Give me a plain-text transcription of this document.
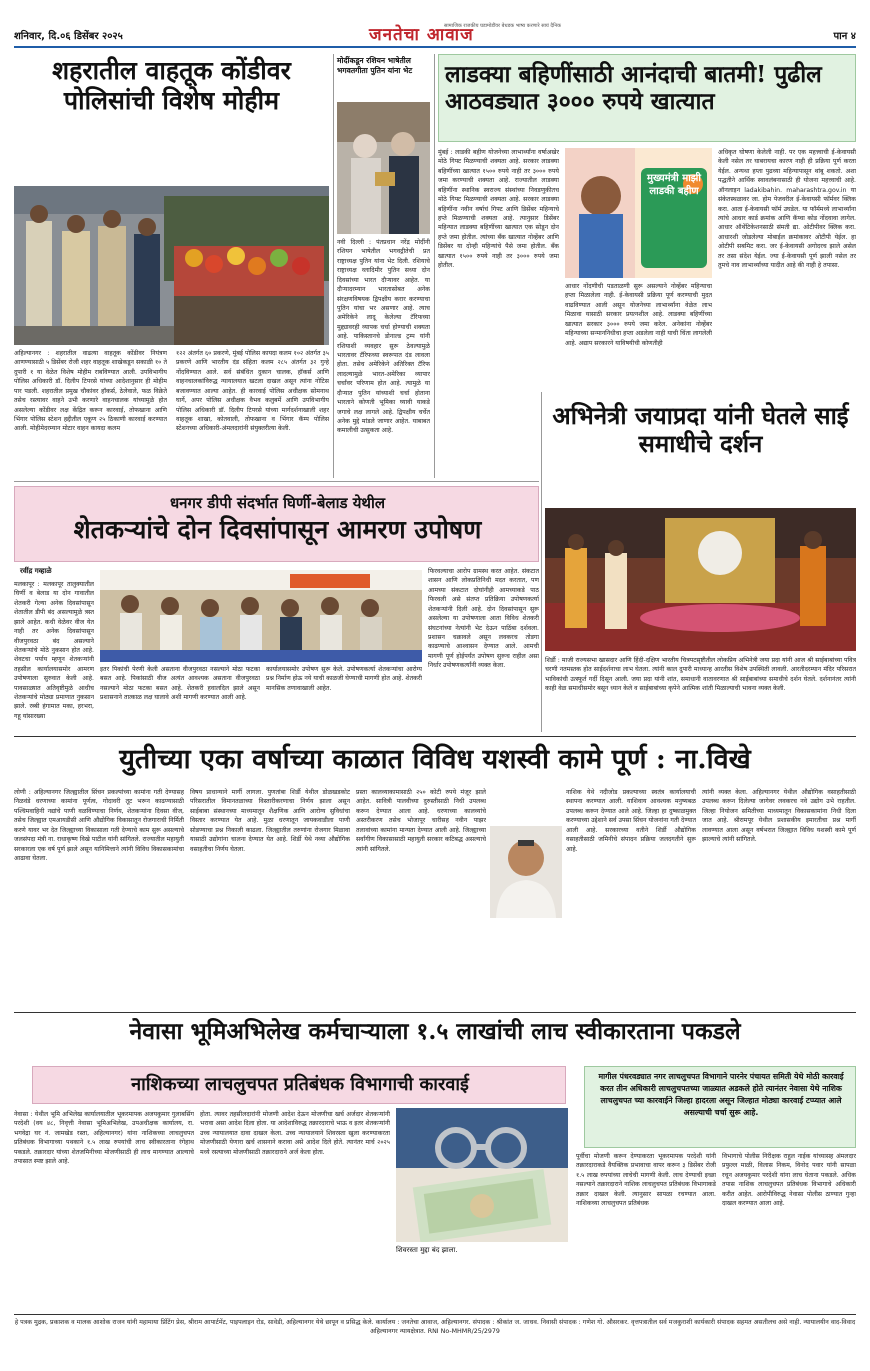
शनिवार, दि.०६ डिसेंबर २०२५	जनतेचा आवाज
सामाजिक राजकीय घडामोडींवर बेधडक भाष्य करणारे सायं दैनिक
पान ४
शहरातील वाहतूक कोंडीवर पोलिसांची विशेष मोहीम
अहिल्यानगर : शहरातील वाढत्या वाहतूक कोंडीवर नियंत्रण आणण्यासाठी ५ डिसेंबर रोजी शहर वाहतूक शाखेकडून सकाळी १० ते दुपारी १ या वेळेत विशेष मोहीम राबविण्यात आली. उपविभागीय पोलिस अधिकारी डॉ. दिलीप टिपरसे यांच्या आदेशानुसार ही मोहीम पार पडली. शहरातील प्रमुख चौकांवर हॉकर्स, ठेलेवाले, फळ विक्रेते तसेच रस्त्यावर वाहने उभी करणारे वाहनचालक यांच्यामुळे होत असलेल्या कोंडीवर लक्ष केंद्रित करून कारवाई, तोफखाना आणि भिंगार पोलिस स्टेशन हद्दीतील एकूण २५ ठिकाणी कारवाई करण्यात आली. मोहीमेदरम्यान मोटार वाहन कायदा कलम
१२२ अंतर्गत ६० प्रकरणे, मुंबई पोलिस कायदा कलम १०२ अंतर्गत ३५ प्रकरणे आणि भारतीय दंड संहिता कलम २८५ अंतर्गत ३२ गुन्हे नोंदविण्यात आले. सर्व संबंधित दुकान चालक, हॉकर्स आणि वाहनचालकांविरुद्ध न्यायालयात खटला दाखल असून त्यांना नोटिस बजावण्यात आल्या आहेत. ही कारवाई पोलिस अधीक्षक सोमनाथ घार्गे, अपर पोलिस अधीक्षक वैभव कलुबर्मे आणि उपविभागीय पोलिस अधिकारी डॉ. दिलीप टिपरसे यांच्या मार्गदर्शनाखाली शहर वाहतूक शाखा, कोतवाली, तोफखाना व भिंगार कॅम्प पोलिस स्टेशनच्या अधिकारी-अंमलदारांनी संयुक्तरीत्या केली.
मोदींकडून रशियन भाषेतील भगवतगीता पुतिन यांना भेट
नवी दिल्ली : पंतप्रधान नरेंद्र मोदींनी रशियन भाषेतील भगवद्गीतेची प्रत राष्ट्राध्यक्ष पुतिन यांना भेट दिली. रशियाचे राष्ट्राध्यक्ष व्लादिमीर पुतिन सध्या दोन दिवसांच्या भारत दौऱ्यावर आहेत. या दौऱ्यादरम्यान भारतासोबत अनेक संरक्षणविषयक द्विपक्षीय करार करण्याचा पुतिन यांचा भर असणार आहे. त्याच अमेरिकेने लादू केलेल्या टॅरिफच्या मुद्द्यावरही व्यापक चर्चा होण्याची शक्यता आहे. पाकिस्तानचे डोनाल्ड ट्रम्प यांनी रशियाशी व्यवहार सुरू ठेवल्यामुळे भारतावर टॅरिफच्या स्वरूपात दंड लावला होता. तसेच अमेरिकेने अतिरिक्त टॅरिफ लादल्यामुळे भारत-अमेरिका व्यापार चर्चांवर परिणाम होत आहे. त्यामुळे या दौऱ्यात पुतिन यांच्याशी चर्चा होताना भारताने कोणती भूमिका घ्यावी याकडे जगाचे लक्ष लागले आहे. द्विपक्षीय चर्चेत अनेक मुद्दे मांडले जाणार आहेत. याबाबत कमालीची उत्सुकता आहे.
लाडक्या बहिणींसाठी आनंदाची बातमी! पुढील आठवड्यात ३००० रुपये खात्यात
मुंबई : लाडकी बहीण योजनेच्या लाभार्थ्यांना वर्षाअखेर मोठे गिफ्ट मिळण्याची शक्यता आहे. सरकार लाडक्या बहिणींच्या खात्यात १५०० रुपये नाही तर ३००० रुपये जमा करण्याची शक्यता आहे. राज्यातील लाडक्या बहिणींना स्थानिक स्वराज्य संस्थांच्या निवडणुकीतच मोठे गिफ्ट मिळण्याची शक्यता आहे. सरकार लाडक्या बहिणींना नवीन वर्षाचं गिफ्ट आणि डिसेंबर महिन्याचे हप्ते मिळण्याची शक्यता आहे. त्यानुसार डिसेंबर महिन्यात लाडक्या बहिणींच्या खात्यात एक सोडून दोन हप्ते जमा होतील. त्यांच्या बँक खात्यात नोव्हेंबर आणि डिसेंबर या दोन्ही महिन्यांचे पैसे जमा होतील. बँक खात्यात १५०० रुपये नाही तर ३००० रुपये जमा होतील.
मुख्यमंत्री माझी लाडकी बहीण
आधार नोंदणीची पडताळणी सुरू असल्याने नोव्हेंबर महिन्याचा हप्ता मिळालेला नाही. ई-केवायसी प्रक्रिया पूर्ण करण्याची मुदत वाढविण्यात आली असून योजनेच्या लाभार्थ्यांना वेळेत लाभ मिळावा यासाठी सरकार प्रयत्नशील आहे. लाडक्या बहिणींच्या खात्यात सरकार ३००० रुपये जमा करेल. अनेकांना नोव्हेंबर महिन्याच्या सन्माननिधीचा हप्ता अडलेला नाही याची चिंता लागलेली आहे. अद्याप सरकारने याविषयीची कोणतीही
अधिकृत घोषणा केलेली नाही. पर एक महत्त्वाची ई-केवायसी केली नसेल तर घाबरायचा कारण नाही ही प्रक्रिया पूर्ण करता येईल. अन्यथा हप्ता पुढच्या महिन्यापासून थांबू शकतो. अशा पद्धतीने आर्थिक स्वावलंबनासाठी ही योजना महत्त्वाची आहे. ऑनलाइन ladakibahin. maharashtra.gov.in या संकेतस्थळावर जा. होम पेजवरील ई-केवायसी फॉर्मवर क्लिक करा. आता ई-केवायसी फॉर्म उघडेल. या फॉर्ममध्ये लाभार्थ्यांना त्यांचे आधार कार्ड क्रमांक आणि कॅप्चा कोड नोंदवावा लागेल. आधार ऑथेंटिकेशनसाठी संमती द्या. ओटीपीवर क्लिक करा. आधारशी जोडलेल्या मोबाईल क्रमांकावर ओटीपी येईल. हा ओटीपी सबमिट करा. जर ई-केवायसी अगोदरच झाले असेल तर तसा संदेश येईल. ज्या ई-केवायसी पूर्ण झाली नसेल तर तुमचे नाव लाभार्थ्यांच्या यादीत आहे की नाही हे तपासा.
अभिनेत्री जयाप्रदा यांनी घेतले साई समाधीचे दर्शन
शिर्डी : माजी राज्यसभा खासदार आणि हिंदी-दक्षिण भारतीय चित्रपटसृष्टीतील लोकप्रिय अभिनेत्री जया प्रदा यांनी आज श्री साईबाबांच्या पवित्र चरणी नतमस्तक होत साईदर्शनाचा लाभ घेतला. त्यांनी काल दुपारी माध्यान्ह आरतीस विशेष उपस्थिती लावली. आरतीदरम्यान मंदिर परिसरात भाविकांची उत्स्फूर्त गर्दी दिसून आली. जया प्रदा यांनी शांत, समाधानी वातावरणात श्री साईबाबांच्या समाधीचे दर्शन घेतले. दर्शनानंतर त्यांनी काही वेळ समाधीसमोर बसून ध्यान केले व साईबाबांच्या कृपेने आत्मिक शांती मिळाल्याची भावना व्यक्त केली.
धनगर डीपी संदर्भात घिर्णी-बेलाड येथील
शेतकऱ्यांचे दोन दिवसांपासून आमरण उपोषण
रवींद्र गव्हाळे
मलकापूर : मलकापूर तालुक्यातील घिर्णी व बेलाड या दोन गावातील शेतकरी गेल्या अनेक दिवसांपासून शेतातील डीपी बंद असल्यामुळे त्रस्त झाले आहेत. कधी वेळेवर वीज येत नाही तर अनेक दिवसांपासून वीजपुरवठा बंद असल्याने शेतकऱ्यांचे मोठे नुकसान होत आहे. शेवटचा पर्याय म्हणून शेतकऱ्यांनी तहसील कार्यालयासमोर आमरण उपोषणाला सुरुवात केली आहे. पावसाळ्यात अतिवृष्टीमुळे आधीच शेतकऱ्यांचे मोठ्या प्रमाणात नुकसान झाले. रब्बी हंगामात मका, हरभरा, गहू यांसारख्या
इतर पिकांची पेरणी केली असताना वीजपुरवठा नसल्याने मोठा फटका बसत आहे. पिकांसाठी वीज अत्यंत आवश्यक असताना वीजपुरवठा नसल्याने मोठा फटका बसत आहे. शेतकरी हवालदिल झाले असून प्रशासनाने तात्काळ लक्ष घालावे अशी मागणी करण्यात आली आहे.
कार्यालयासमोर उपोषण सुरू केले. उपोषणकर्त्या शेतकऱ्यांचा आरोग्य प्रश्न निर्माण होऊ नये याची काळजी घेण्याची मागणी होत आहे. शेतकरी मानसिक तणावाखाली आहेत.
फिरवल्याचा आरोप ग्रामस्थ करत आहेत. संकटात शासन आणि लोकप्रतिनिधी मदत करतात, पण आमच्या संकटात दोघांनीही आमच्याकडे पाठ फिरवली असे संतप्त प्रतिक्रिया उपोषणकर्त्या शेतकऱ्यांनी दिली आहे. दोन दिवसांपासून सुरू असलेल्या या उपोषणाला आता विविध शेतकरी संघटनांच्या नेत्यांनी भेट देऊन पाठिंबा दर्शवला. प्रशासन चक्रावले असून लवकरच तोडगा काढण्याचे आश्वासन देण्यात आले. आमची मागणी पूर्ण होईपर्यंत उपोषण सुरूच राहील असा निर्धार उपोषणकर्त्यांनी व्यक्त केला.
युतीच्या एका वर्षाच्या काळात विविध यशस्वी कामे पूर्ण : ना.विखे
लोणी : अहिल्यानगर जिल्ह्यातील सिंचन प्रकल्पांच्या कामांना गती देण्यासह निळवंडे धरणाच्या कामांना पूर्णत्व, गोदावरी तूट भरून काढण्यासाठी पश्चिमवाहिनी नद्यांचे पाणी वळविण्याचा निर्णय, शेतकऱ्यांना दिवसा वीज, तसेच जिल्ह्यात एमआयडीसी आणि औद्योगिक विकासातून रोजगाराची निर्मिती करणे यावर भर देत जिल्ह्याच्या विकासाला गती देण्याचे काम सुरू असल्याचे जलसंपदा मंत्री ना. राधाकृष्ण विखे पाटील यांनी सांगितले. राज्यातील महायुती सरकारला एक वर्ष पूर्ण झाले असून यानिमित्ताने त्यांनी विविध विकासकामांचा आढावा घेतला.
विषय प्राधान्याने मार्गी लागला. पुणतांबा शिर्डी येथील डोळखडकोट परिसरातील विमानतळाच्या विस्तारीकरणाचा निर्णय झाला असून साईबाबा संस्थानच्या माध्यमातून शैक्षणिक आणि आरोग्य सुविधांचा विस्तार करण्यात येत आहे. मुळा धरणातून जायकवाडीला पाणी सोडण्याचा प्रश्न निकाली काढला. जिल्ह्यातील तरुणांना रोजगार मिळावा यासाठी उद्योगांना चालना देण्यात येत आहे. शिर्डी येथे नव्या औद्योगिक वसाहतीचा निर्णय घेतला.
प्रस्ता कालव्याकामासाठी २५० कोटी रुपये मंजूर झाले आहेत. सावित्री पालवीच्या दुरुस्तीसाठी निधी उपलब्ध करून देण्यात आला आहे. धरणाच्या कालव्यांचे अस्तरीकरण तसेच भोजापूर चारीसह नवीन पाझर तलावांच्या कामांना मान्यता देण्यात आली आहे. जिल्ह्याच्या सर्वांगीण विकासासाठी महायुती सरकार कटिबद्ध असल्याचे त्यांनी सांगितले.
नाशिक येथे नदीजोड प्रकल्पाच्या स्वतंत्र कार्यालयाची स्थापना करण्यात आली. याशिवाय आवश्यक मनुष्यबळ उपलब्ध करून देण्यात आले आहे. जिल्हा हा दुष्काळमुक्त करण्याच्या उद्देशाने सर्व उपसा सिंचन योजनांना गती देण्यात आली आहे. सरकारच्या वतीने शिर्डी औद्योगिक वसाहतीसाठी जमिनीचे संपादन प्रक्रिया जलदगतीने सुरू आहे.
त्यांनी व्यक्त केला. अहिल्यानगर येथील औद्योगिक वसाहतीसाठी उपलब्ध करून दिलेल्या जागेवर लवकरच नवे उद्योग उभे राहतील. जिल्हा नियोजन समितीच्या माध्यमातून विकासकामांना निधी दिला जात आहे. श्रीरामपूर येथील प्रशासकीय इमारतीचा प्रश्न मार्गी लावण्यात आला असून वर्षभरात जिल्ह्यात विविध यशस्वी कामे पूर्ण झाल्याचे त्यांनी सांगितले.
नेवासा भूमिअभिलेख कर्मचाऱ्याला १.५ लाखांची लाच स्वीकारताना पकडले
नाशिकच्या लाचलुचपत प्रतिबंधक विभागाची कारवाई	मागील पंधरवड्यात नगर लाचलुचपत विभागाने पारनेर पंचायत समिती येथे मोठी कारवाई करत तीन अधिकारी लाचलुचपतच्या जाळ्यात अडकले होते त्यानंतर नेवासा येथे नाशिक लाचलुचपत च्या कारवाईने जिल्हा हादरला असून जिल्हात मोठ्या कारवाई टप्प्यात आले असल्याची चर्चा सुरू आहे.
नेवासा : येथील भूमि अभिलेख कार्यालयातील भूकरमापक अजयकुमार गुलाबसिंग परदेशी (वय ४८, निवृत्ती नेवासा भूमिअभिलेख, उपअधीक्षक कार्यालय, रा. भगवेद्रा घर नं. जामखेड रस्ता, अहिल्यानगर) यांना नाशिकच्या लाचलुचपत प्रतिबंधक विभागाच्या पथकाने १.५ लाख रुपयांची लाच स्वीकारताना रंगेहाथ पकडले. तक्रारदार यांच्या शेतजमिनीच्या मोजणीसाठी ही लाच मागण्यात आल्याचे तपासात स्पष्ट झाले आहे.
होता. त्यावर तहसीलदारांनी मोजणी आदेश देऊन मोजणीचा खर्च अर्जदार शेतकऱ्यांनी भरावा असा आदेश दिला होता. या आदेशाविरुद्ध तक्रारदाराचे भाऊ व इतर शेतकऱ्यांनी उच्च न्यायालयात दावा दाखल केला. उच्च न्यायालयाने शिवरस्ता खुला करण्याकरता मोजणीसाठी येणारा खर्च शासनाने करावा असे आदेश दिले होते. त्यानंतर मार्च २०२५ मध्ये रस्त्याच्या मोजणीसाठी तक्रारदाराने अर्ज केला होता.
शिवरस्ता मुद्दा बंद झाला.
पूर्वीचा मोजणी करून देण्याकरता भूकरमापक परदेशी यांनी तक्रारदाराकडे वैयक्तिक प्रभावाचा वापर करून ३ डिसेंबर रोजी १.५ लाख रुपयांच्या लाचेची मागणी केली. लाच देण्याची इच्छा नसल्याने तक्रारदाराने नाशिक लाचलुचपत प्रतिबंधक विभागाकडे तक्रार दाखल केली. त्यानुसार सापळा रचण्यात आला. नाशिकच्या लाचलुचपत प्रतिबंधक
विभागाचे पोलीस निरीक्षक राहुल नाईक यांच्यासह अंमलदार प्रफुल्ल माळी, विलास निकम, विनोद पवार यांनी सापळा रचून अजयकुमार परदेशी यांना लाच घेताना पकडले. अधिक तपास नाशिक लाचलुचपत प्रतिबंधक विभागाचे अधिकारी करीत आहेत. आरोपीविरुद्ध नेवासा पोलीस ठाण्यात गुन्हा दाखल करण्यात आला आहे.
हे पत्रक मुद्रक, प्रकाशक व मालक आशोक राजन यांनी महामाया प्रिंटिंग प्रेस, श्रीराम आपार्टमेंट, पाइपलाइन रोड, सावेडी, अहिल्यानगर येथे छापून व प्रसिद्ध केले. कार्यालय : जनतेचा आवाज, अहिल्यानगर. संपादक : श्रीकांत ज. जाधव. निवासी संपादक : गणेश गो. औसरकर. वृत्तपत्रातील सर्व मजकुराशी कार्यकारी संपादक सहमत असतीलच असे नाही. न्यायालयीन वाद-विवाद अहिल्यानगर न्यायक्षेत्रात. RNI No-MHMR/25/2979
